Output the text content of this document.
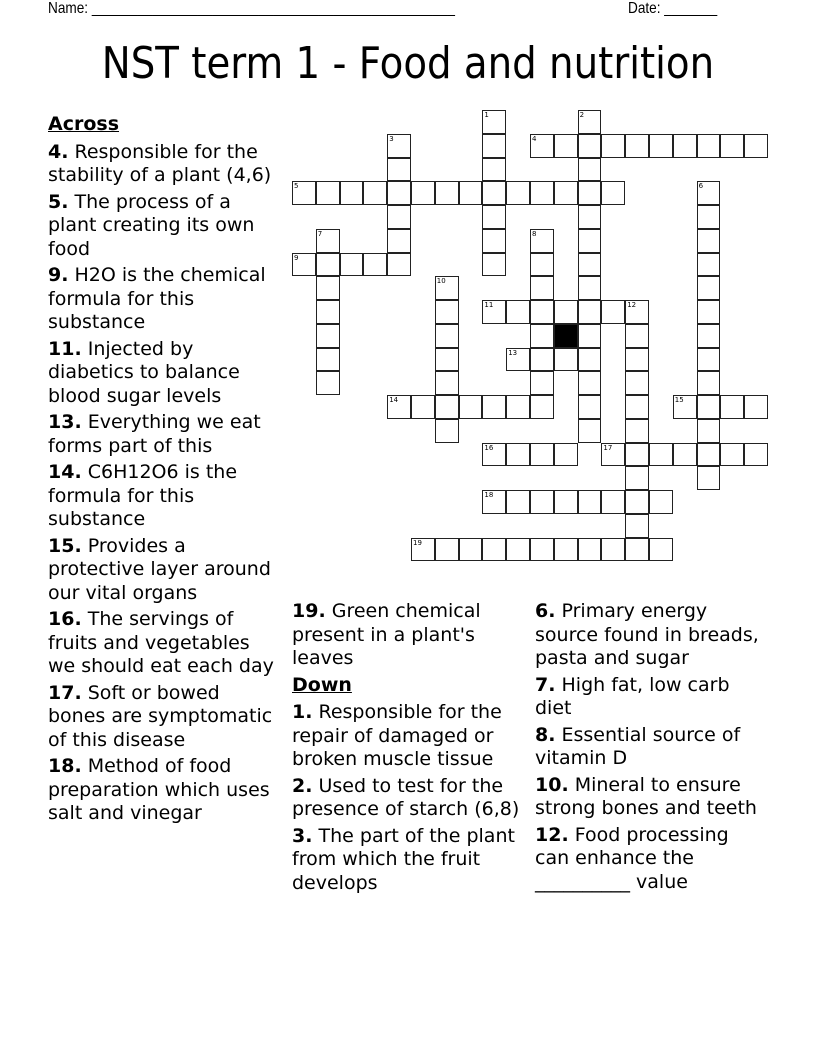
Name: ________________________________________________	Date: _______
NST term 1 - Food and nutrition
1	2
3	4
5	6
7	8
9
10
11	12
13
14	15
16	17
18
19
Across
4. Responsible for the stability of a plant (4,6)
5. The process of a plant creating its own food
9. H2O is the chemical formula for this substance
11. Injected by diabetics to balance blood sugar levels
13. Everything we eat forms part of this
14. C6H12O6 is the formula for this substance
15. Provides a protective layer around our vital organs
16. The servings of fruits and vegetables we should eat each day
17. Soft or bowed bones are symptomatic of this disease
18. Method of food preparation which uses salt and vinegar
19. Green chemical present in a plant's leaves
Down
1. Responsible for the repair of damaged or broken muscle tissue
2. Used to test for the presence of starch (6,8)
3. The part of the plant from which the fruit develops
6. Primary energy source found in breads, pasta and sugar
7. High fat, low carb diet
8. Essential source of vitamin D
10. Mineral to ensure strong bones and teeth
12. Food processing can enhance the __________ value
